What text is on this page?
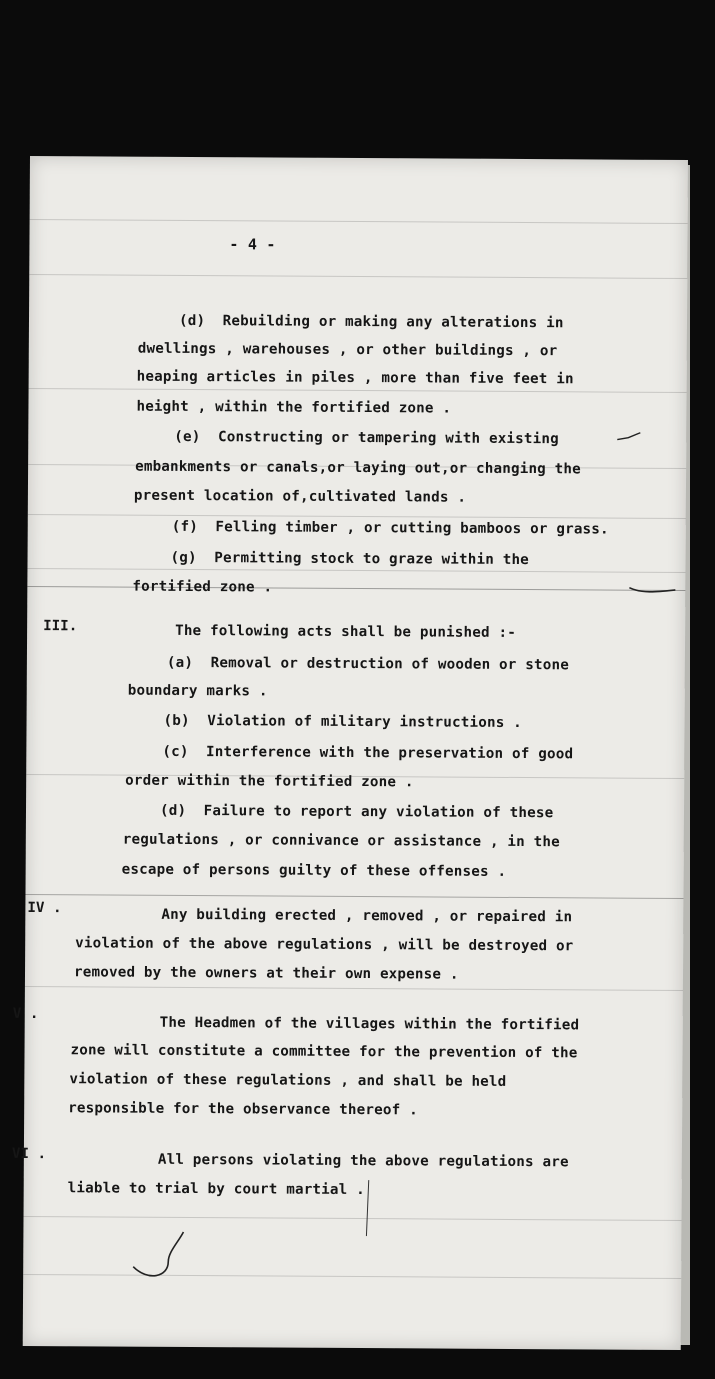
- 4 -

(d)  Rebuilding or making any alterations in

dwellings , warehouses , or other buildings , or

heaping articles in piles , more than five feet in

height , within the fortified zone .

(e)  Constructing or tampering with existing

embankments or canals,or laying out,or changing the

present location of,cultivated lands .

(f)  Felling timber , or cutting bamboos or grass.

(g)  Permitting stock to graze within the

fortified zone .

III.	The following acts shall be punished :-

(a)  Removal or destruction of wooden or stone

boundary marks .

(b)  Violation of military instructions .

(c)  Interference with the preservation of good

order within the fortified zone .

(d)  Failure to report any violation of these

regulations , or connivance or assistance , in the

escape of persons guilty of these offenses .

IV .	Any building erected , removed , or repaired in

violation of the above regulations , will be destroyed or

removed by the owners at their own expense .

V .

The Headmen of the villages within the fortified

zone will constitute a committee for the prevention of the

violation of these regulations , and shall be held

responsible for the observance thereof .

VI .	All persons violating the above regulations are

liable to trial by court martial .
